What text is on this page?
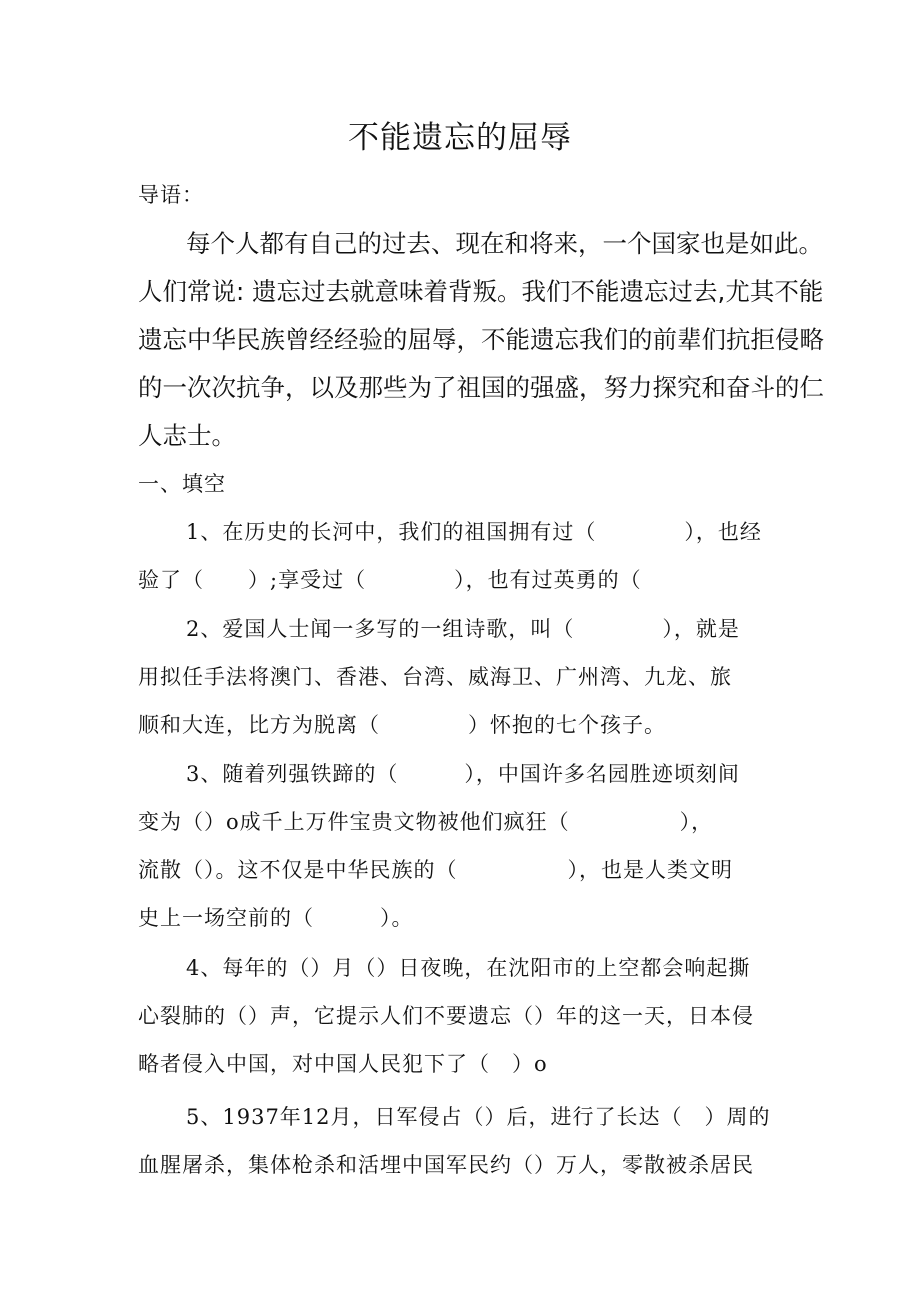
不能遗忘的屈辱
导语：
每个人都有自己的过去、现在和将来，一个国家也是如此。
人们常说: 遗忘过去就意味着背叛。我们不能遗忘过去,尤其不能
遗忘中华民族曾经经验的屈辱，不能遗忘我们的前辈们抗拒侵略
的一次次抗争，以及那些为了祖国的强盛，努力探究和奋斗的仁
人志士。
一、填空
1、在历史的长河中，我们的祖国拥有过（　　　　），也经
验了（　　）;享受过（　　　　），也有过英勇的（
2、爱国人士闻一多写的一组诗歌，叫（　　　　），就是
用拟任手法将澳门、香港、台湾、威海卫、广州湾、九龙、旅
顺和大连，比方为脱离（　　　　）怀抱的七个孩子。
3、随着列强铁蹄的（　　　），中国许多名园胜迹顷刻间
变为（）o成千上万件宝贵文物被他们疯狂（　　　　　），
流散（）。这不仅是中华民族的（　　　　　），也是人类文明
史上一场空前的（　　　）。
4、每年的（）月（）日夜晚，在沈阳市的上空都会响起撕
心裂肺的（）声，它提示人们不要遗忘（）年的这一天，日本侵
略者侵入中国，对中国人民犯下了（　）o
5、1937年12月，日军侵占（）后，进行了长达（　）周的
血腥屠杀，集体枪杀和活埋中国军民约（）万人，零散被杀居民
